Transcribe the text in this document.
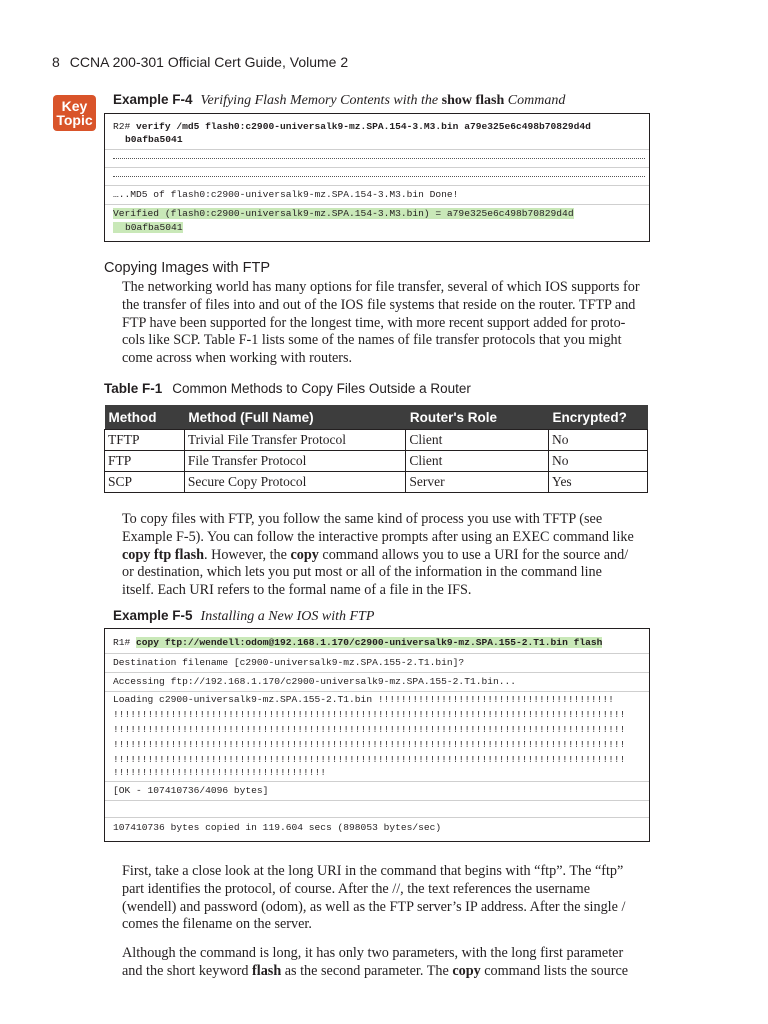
8 CCNA 200-301 Official Cert Guide, Volume 2
Key
Topic
Example F-4 Verifying Flash Memory Contents with the show flash Command
R2# verify /md5 flash0:c2900-universalk9-mz.SPA.154-3.M3.bin a79e325e6c498b70829d4d
b0afba5041
…..MD5 of flash0:c2900-universalk9-mz.SPA.154-3.M3.bin Done!
Verified (flash0:c2900-universalk9-mz.SPA.154-3.M3.bin) = a79e325e6c498b70829d4d
b0afba5041
Copying Images with FTP
The networking world has many options for file transfer, several of which IOS supports for
the transfer of files into and out of the IOS file systems that reside on the router. TFTP and
FTP have been supported for the longest time, with more recent support added for proto-
cols like SCP. Table F-1 lists some of the names of file transfer protocols that you might
come across when working with routers.
Table F-1 Common Methods to Copy Files Outside a Router
Method	Method (Full Name)	Router's Role	Encrypted?
TFTP	Trivial File Transfer Protocol	Client	No
FTP	File Transfer Protocol	Client	No
SCP	Secure Copy Protocol	Server	Yes
To copy files with FTP, you follow the same kind of process you use with TFTP (see
Example F-5). You can follow the interactive prompts after using an EXEC command like
copy ftp flash. However, the copy command allows you to use a URI for the source and/
or destination, which lets you put most or all of the information in the command line
itself. Each URI refers to the formal name of a file in the IFS.
Example F-5 Installing a New IOS with FTP
R1# copy ftp://wendell:odom@192.168.1.170/c2900-universalk9-mz.SPA.155-2.T1.bin flash
Destination filename [c2900-universalk9-mz.SPA.155-2.T1.bin]?
Accessing ftp://192.168.1.170/c2900-universalk9-mz.SPA.155-2.T1.bin...
Loading c2900-universalk9-mz.SPA.155-2.T1.bin !!!!!!!!!!!!!!!!!!!!!!!!!!!!!!!!!!!!!!!!!
!!!!!!!!!!!!!!!!!!!!!!!!!!!!!!!!!!!!!!!!!!!!!!!!!!!!!!!!!!!!!!!!!!!!!!!!!!!!!!!!!!!!!!!!!
!!!!!!!!!!!!!!!!!!!!!!!!!!!!!!!!!!!!!!!!!!!!!!!!!!!!!!!!!!!!!!!!!!!!!!!!!!!!!!!!!!!!!!!!!
!!!!!!!!!!!!!!!!!!!!!!!!!!!!!!!!!!!!!!!!!!!!!!!!!!!!!!!!!!!!!!!!!!!!!!!!!!!!!!!!!!!!!!!!!
!!!!!!!!!!!!!!!!!!!!!!!!!!!!!!!!!!!!!!!!!!!!!!!!!!!!!!!!!!!!!!!!!!!!!!!!!!!!!!!!!!!!!!!!!
!!!!!!!!!!!!!!!!!!!!!!!!!!!!!!!!!!!!!
[OK - 107410736/4096 bytes]
107410736 bytes copied in 119.604 secs (898053 bytes/sec)
First, take a close look at the long URI in the command that begins with “ftp”. The “ftp”
part identifies the protocol, of course. After the //, the text references the username
(wendell) and password (odom), as well as the FTP server’s IP address. After the single /
comes the filename on the server.
Although the command is long, it has only two parameters, with the long first parameter
and the short keyword flash as the second parameter. The copy command lists the source
